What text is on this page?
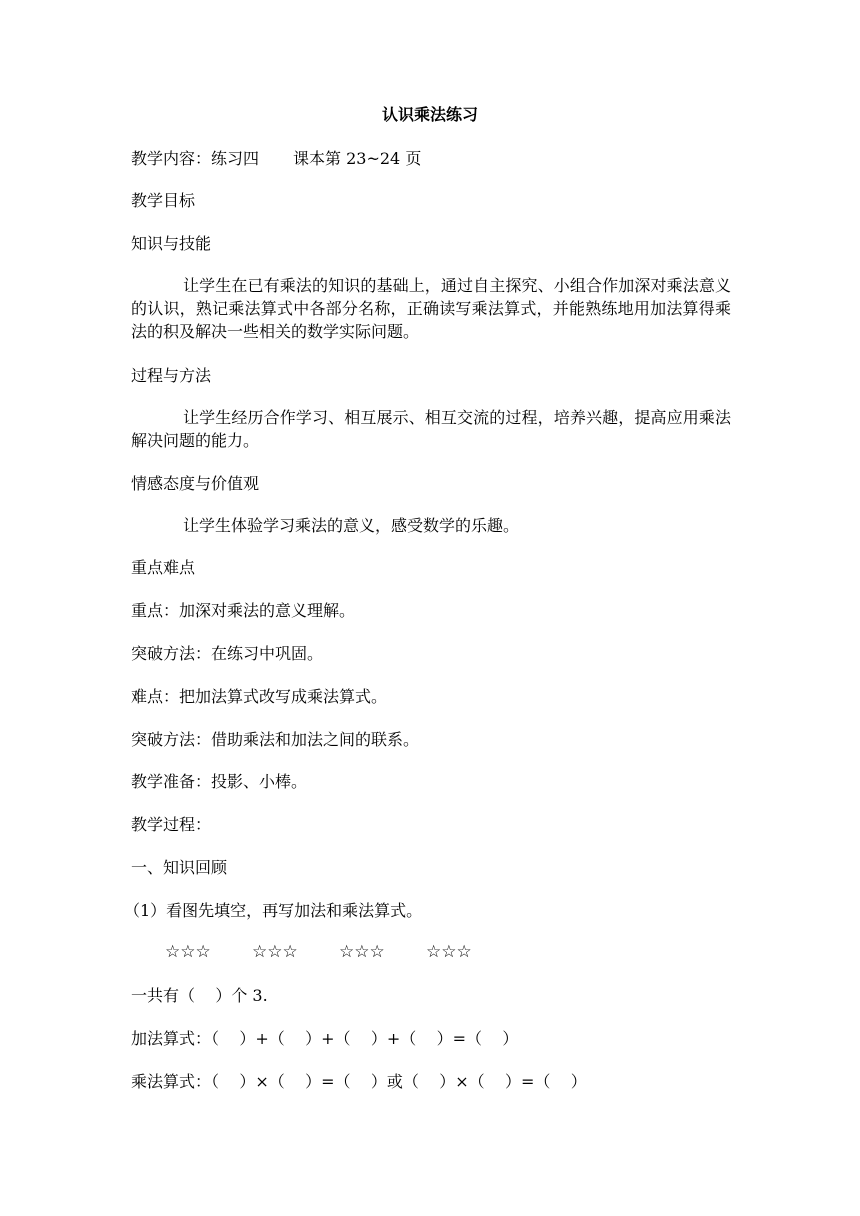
认识乘法练习
教学内容：练习四 课本第 23~24 页
教学目标
知识与技能
让学生在已有乘法的知识的基础上，通过自主探究、小组合作加深对乘法意义的认识，熟记乘法算式中各部分名称，正确读写乘法算式，并能熟练地用加法算得乘法的积及解决一些相关的数学实际问题。
过程与方法
让学生经历合作学习、相互展示、相互交流的过程，培养兴趣，提高应用乘法解决问题的能力。
情感态度与价值观
让学生体验学习乘法的意义，感受数学的乐趣。
重点难点
重点：加深对乘法的意义理解。
突破方法：在练习中巩固。
难点：把加法算式改写成乘法算式。
突破方法：借助乘法和加法之间的联系。
教学准备：投影、小棒。
教学过程：
一、知识回顾
（1）看图先填空，再写加法和乘法算式。
☆☆☆ ☆☆☆ ☆☆☆ ☆☆☆
一共有（    ）个 3.
加法算式：（    ）+（    ）+（    ）+（    ）=（    ）
乘法算式：（    ）×（    ）=（    ）或（    ）×（    ）=（    ）
